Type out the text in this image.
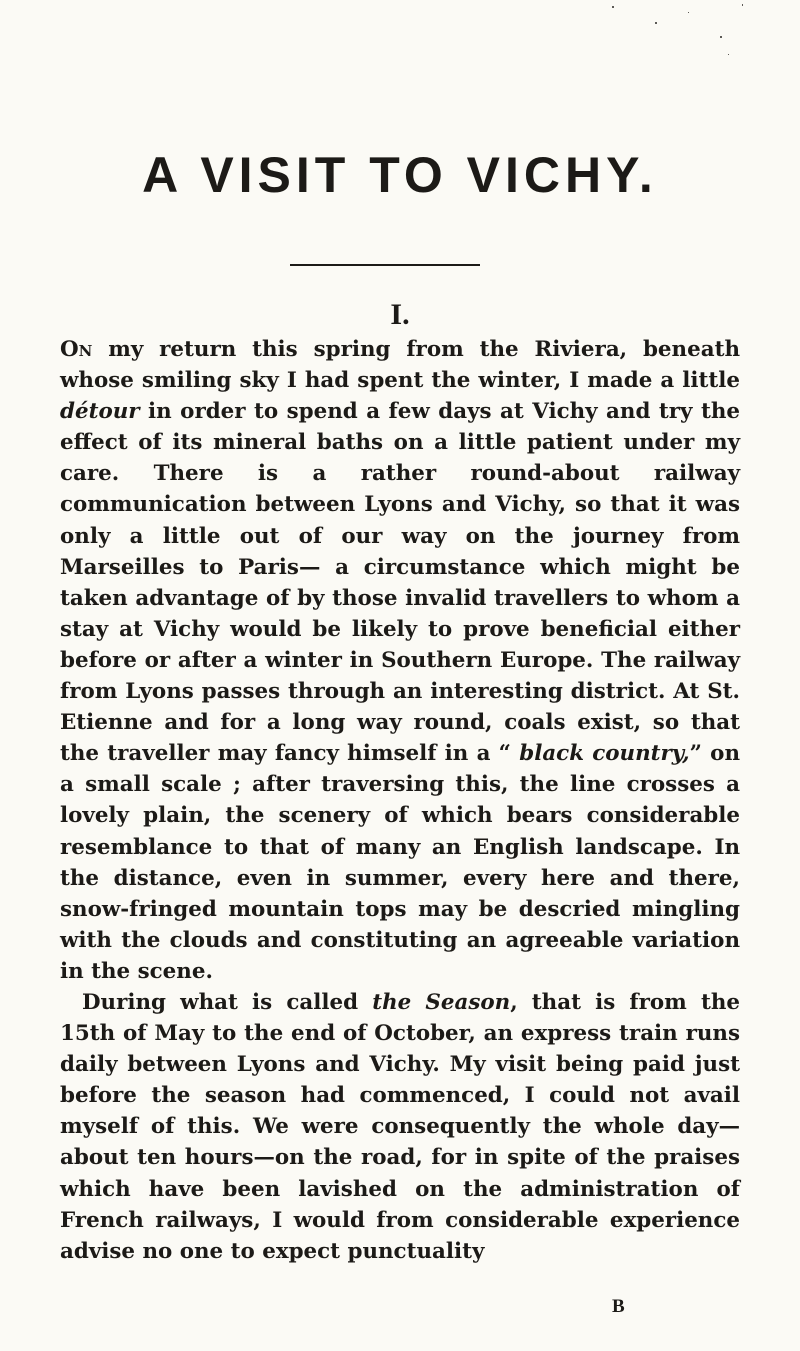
A VISIT TO VICHY.
I.

On my return this spring from the Riviera, beneath whose smiling sky I had spent the winter, I made a little détour in order to spend a few days at Vichy and try the effect of its mineral baths on a little patient under my care. There is a rather round-about railway communication between Lyons and Vichy, so that it was only a little out of our way on the journey from Marseilles to Paris— a circumstance which might be taken advantage of by those invalid travellers to whom a stay at Vichy would be likely to prove beneficial either before or after a winter in Southern Europe. The railway from Lyons passes through an interesting district. At St. Etienne and for a long way round, coals exist, so that the traveller may fancy himself in a “ black country,” on a small scale ; after traversing this, the line crosses a lovely plain, the scenery of which bears considerable resemblance to that of many an English landscape. In the distance, even in summer, every here and there, snow-fringed mountain tops may be descried mingling with the clouds and constituting an agreeable variation in the scene.

During what is called the Season, that is from the 15th of May to the end of October, an express train runs daily between Lyons and Vichy. My visit being paid just before the season had commenced, I could not avail myself of this. We were consequently the whole day—about ten hours—on the road, for in spite of the praises which have been lavished on the administration of French railways, I would from considerable experience advise no one to expect punctuality

B
